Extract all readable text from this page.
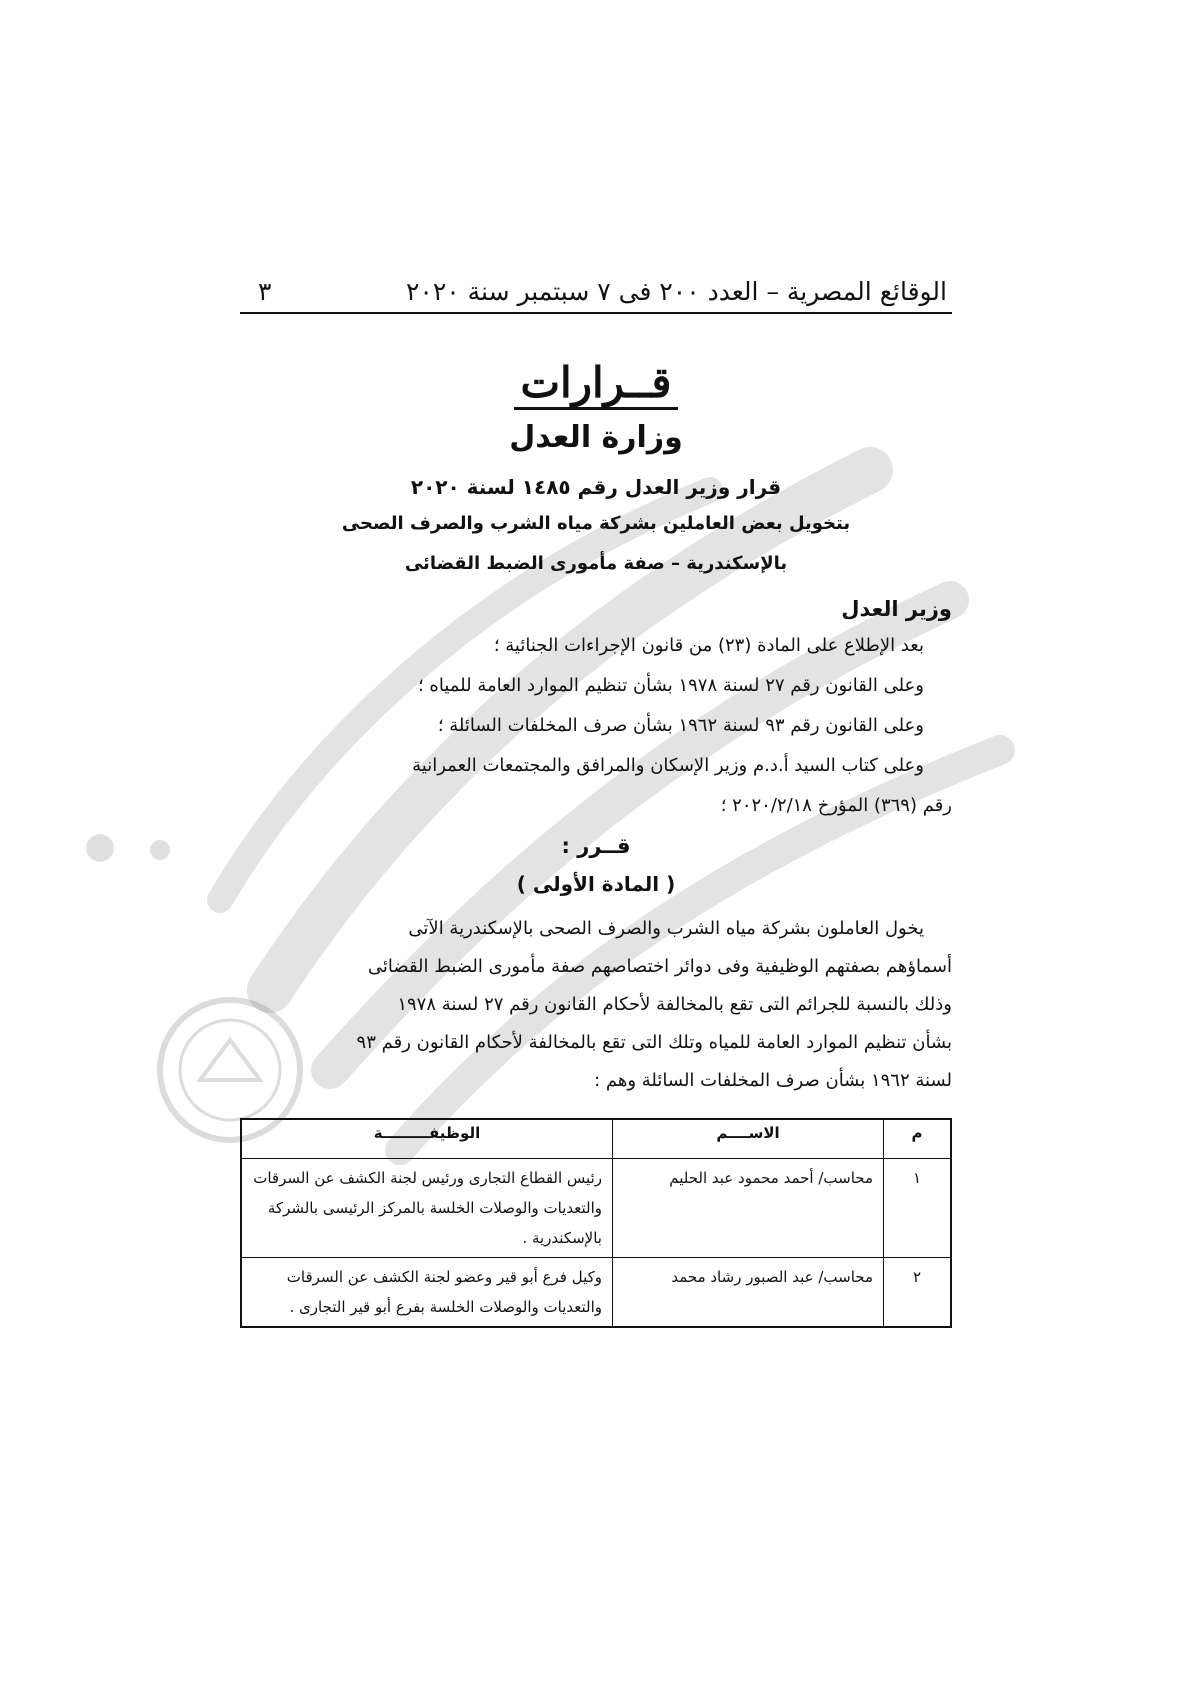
الوقائع المصرية – العدد ٢٠٠ فى ٧ سبتمبر سنة ٢٠٢٠
٣
قــرارات
وزارة العدل
قرار وزير العدل رقم ١٤٨٥ لسنة ٢٠٢٠
بتخويل بعض العاملين بشركة مياه الشرب والصرف الصحى
بالإسكندرية – صفة مأمورى الضبط القضائى
وزير العدل

بعد الإطلاع على المادة (٢٣) من قانون الإجراءات الجنائية ؛

وعلى القانون رقم ٢٧ لسنة ١٩٧٨ بشأن تنظيم الموارد العامة للمياه ؛

وعلى القانون رقم ٩٣ لسنة ١٩٦٢ بشأن صرف المخلفات السائلة ؛

وعلى كتاب السيد أ.د.م وزير الإسكان والمرافق والمجتمعات العمرانية

رقم (٣٦٩) المؤرخ ٢٠٢٠/٢/١٨ ؛

قــرر :
( المادة الأولى )
يخول العاملون بشركة مياه الشرب والصرف الصحى بالإسكندرية الآتى
أسماؤهم بصفتهم الوظيفية وفى دوائر اختصاصهم صفة مأمورى الضبط القضائى
وذلك بالنسبة للجرائم التى تقع بالمخالفة لأحكام القانون رقم ٢٧ لسنة ١٩٧٨
بشأن تنظيم الموارد العامة للمياه وتلك التى تقع بالمخالفة لأحكام القانون رقم ٩٣
لسنة ١٩٦٢ بشأن صرف المخلفات السائلة وهم :
م	الاســــم	الوظيفـــــــــة
١	محاسب/ أحمد محمود عبد الحليم	رئيس القطاع التجارى ورئيس لجنة الكشف عن السرقات والتعديات والوصلات الخلسة بالمركز الرئيسى بالشركة بالإسكندرية .
٢	محاسب/ عبد الصبور رشاد محمد	وكيل فرع أبو قير وعضو لجنة الكشف عن السرقات والتعديات والوصلات الخلسة بفرع أبو قير التجارى .
